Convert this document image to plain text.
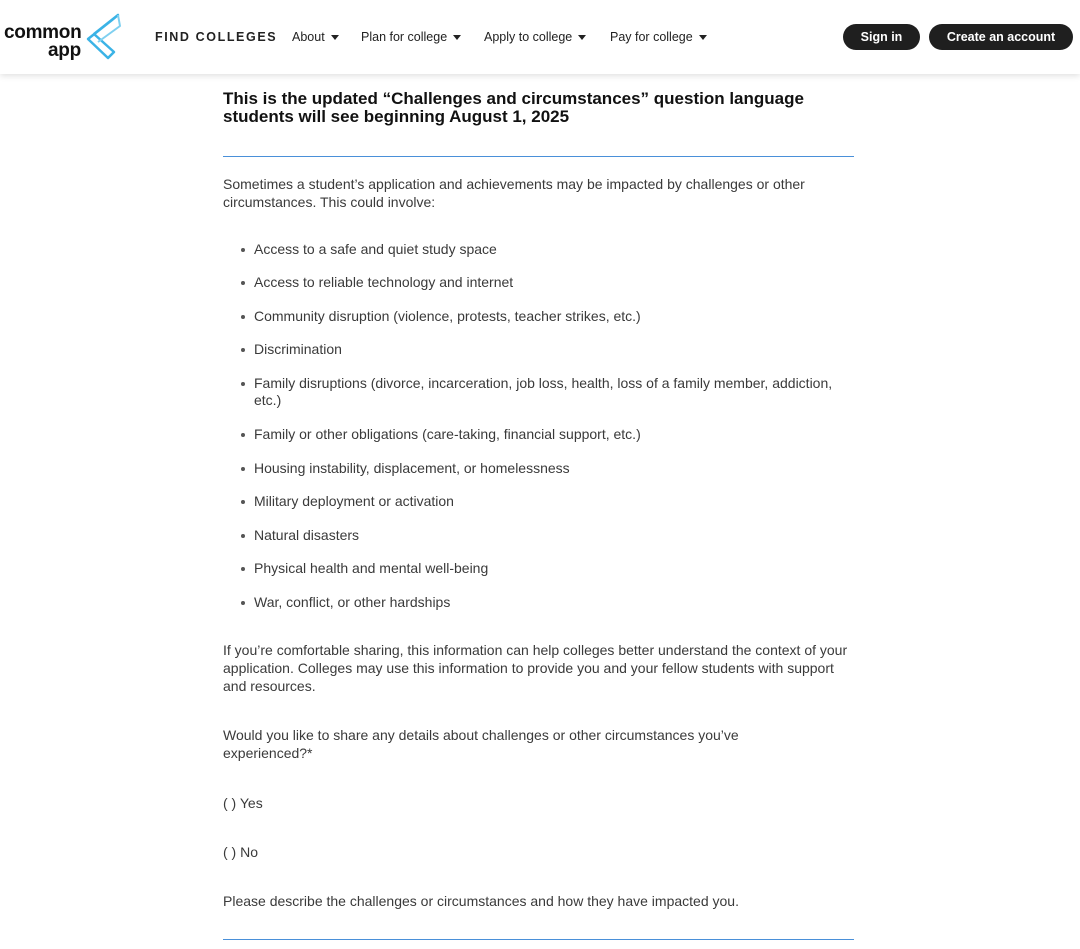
common
app
FIND COLLEGES About	Plan for college	Apply to college	Pay for college	Sign in	Create an account
This is the updated “Challenges and circumstances” question language students will see beginning August 1, 2025
Sometimes a student’s application and achievements may be impacted by challenges or other circumstances. This could involve:
Access to a safe and quiet study space
Access to reliable technology and internet
Community disruption (violence, protests, teacher strikes, etc.)
Discrimination
Family disruptions (divorce, incarceration, job loss, health, loss of a family member, addiction, etc.)
Family or other obligations (care-taking, financial support, etc.)
Housing instability, displacement, or homelessness
Military deployment or activation
Natural disasters
Physical health and mental well-being
War, conflict, or other hardships
If you’re comfortable sharing, this information can help colleges better understand the context of your application. Colleges may use this information to provide you and your fellow students with support and resources.
Would you like to share any details about challenges or other circumstances you’ve experienced?*
( ) Yes
( ) No
Please describe the challenges or circumstances and how they have impacted you.
